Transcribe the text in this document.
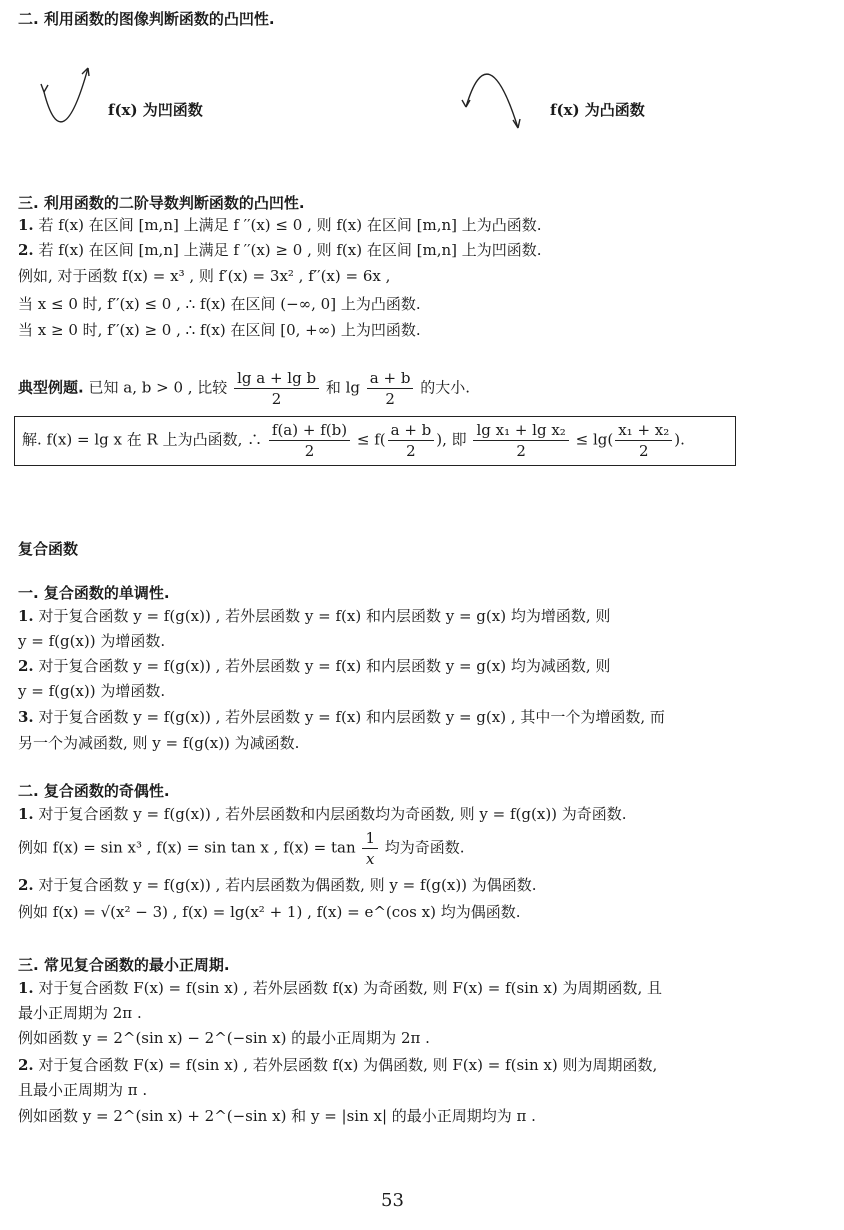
二. 利用函数的图像判断函数的凸凹性.
f(x) 为凹函数	f(x) 为凸函数
三. 利用函数的二阶导数判断函数的凸凹性.
1. 若 f(x) 在区间 [m,n] 上满足 f ′′(x) ≤ 0 , 则 f(x) 在区间 [m,n] 上为凸函数.
2. 若 f(x) 在区间 [m,n] 上满足 f ′′(x) ≥ 0 , 则 f(x) 在区间 [m,n] 上为凹函数.
例如, 对于函数 f(x) = x³ , 则 f′(x) = 3x² , f′′(x) = 6x ,
当 x ≤ 0 时, f′′(x) ≤ 0 , ∴ f(x) 在区间 (−∞, 0] 上为凸函数.
当 x ≥ 0 时, f′′(x) ≥ 0 , ∴ f(x) 在区间 [0, +∞) 上为凹函数.
典型例题. 已知 a, b > 0 , 比较 $\frac{\text{lg a + lg b}}{2}$ 和 $\lg \frac{a + b}{2}$ 的大小.
解. f(x) = lg x 在 R 上为凸函数, ∴ $\frac{f(a) + f(b)}{2} \le f( \frac{a + b}{2}$ ), 即 $\frac{\text{lg x₁ + lg x₂}}{2} \le \lg( \frac{\text{x₁ + x₂}}{2}$ ).
复合函数
一. 复合函数的单调性.
1. 对于复合函数 y = f(g(x)) , 若外层函数 y = f(x) 和内层函数 y = g(x) 均为增函数, 则
y = f(g(x)) 为增函数.
2. 对于复合函数 y = f(g(x)) , 若外层函数 y = f(x) 和内层函数 y = g(x) 均为减函数, 则
y = f(g(x)) 为增函数.
3. 对于复合函数 y = f(g(x)) , 若外层函数 y = f(x) 和内层函数 y = g(x) , 其中一个为增函数, 而
另一个为减函数, 则 y = f(g(x)) 为减函数.
二. 复合函数的奇偶性.
1. 对于复合函数 y = f(g(x)) , 若外层函数和内层函数均为奇函数, 则 y = f(g(x)) 为奇函数.
例如 f(x) = sin x³ , f(x) = sin tan x , $f(x) = \tan \frac{1}{x}$ 均为奇函数.
2. 对于复合函数 y = f(g(x)) , 若内层函数为偶函数, 则 y = f(g(x)) 为偶函数.
例如 f(x) = √(x² − 3) , f(x) = lg(x² + 1) , f(x) = e^(cos x) 均为偶函数.
三. 常见复合函数的最小正周期.
1. 对于复合函数 F(x) = f(sin x) , 若外层函数 f(x) 为奇函数, 则 F(x) = f(sin x) 为周期函数, 且
最小正周期为 2π .
例如函数 y = 2^(sin x) − 2^(−sin x) 的最小正周期为 2π .
2. 对于复合函数 F(x) = f(sin x) , 若外层函数 f(x) 为偶函数, 则 F(x) = f(sin x) 则为周期函数,
且最小正周期为 π .
例如函数 y = 2^(sin x) + 2^(−sin x) 和 y = |sin x| 的最小正周期均为 π .
53
